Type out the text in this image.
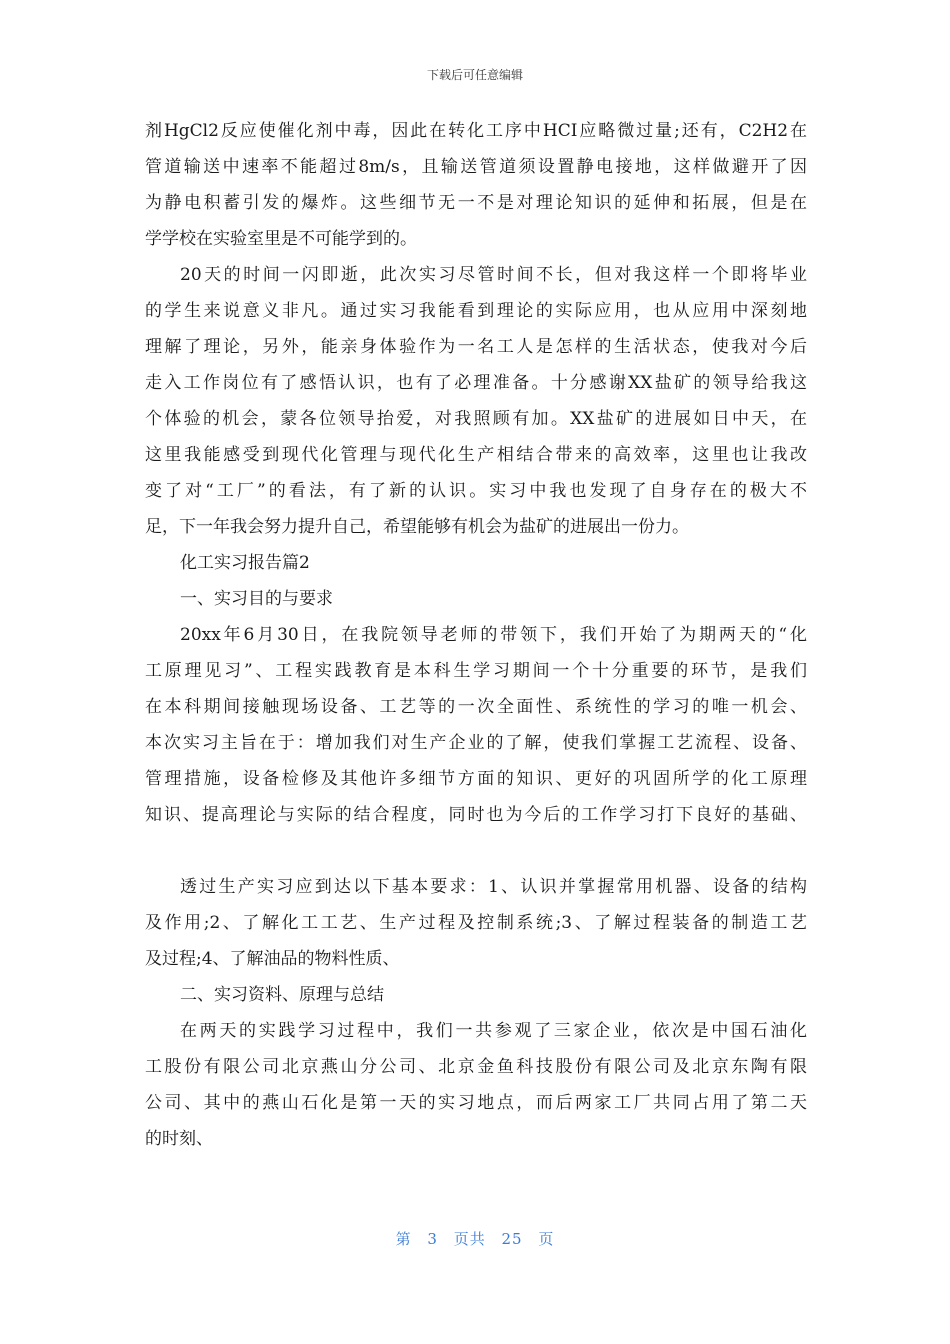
下载后可任意编辑
剂HgCl2反应使催化剂中毒，因此在转化工序中HCI应略微过量;还有，C2H2在
管道输送中速率不能超过8m/s，且输送管道须设置静电接地，这样做避开了因
为静电积蓄引发的爆炸。这些细节无一不是对理论知识的延伸和拓展，但是在
学学校在实验室里是不可能学到的。
20天的时间一闪即逝，此次实习尽管时间不长，但对我这样一个即将毕业
的学生来说意义非凡。通过实习我能看到理论的实际应用，也从应用中深刻地
理解了理论，另外，能亲身体验作为一名工人是怎样的生活状态，使我对今后
走入工作岗位有了感悟认识，也有了必理准备。十分感谢XX盐矿的领导给我这
个体验的机会，蒙各位领导抬爱，对我照顾有加。XX盐矿的进展如日中天，在
这里我能感受到现代化管理与现代化生产相结合带来的高效率，这里也让我改
变了对“工厂”的看法，有了新的认识。实习中我也发现了自身存在的极大不
足，下一年我会努力提升自己，希望能够有机会为盐矿的进展出一份力。
化工实习报告篇2
一、实习目的与要求
20xx年6月30日，在我院领导老师的带领下，我们开始了为期两天的“化
工原理见习”、工程实践教育是本科生学习期间一个十分重要的环节，是我们
在本科期间接触现场设备、工艺等的一次全面性、系统性的学习的唯一机会、
本次实习主旨在于：增加我们对生产企业的了解，使我们掌握工艺流程、设备、
管理措施，设备检修及其他许多细节方面的知识、更好的巩固所学的化工原理
知识、提高理论与实际的结合程度，同时也为今后的工作学习打下良好的基础、
透过生产实习应到达以下基本要求：1、认识并掌握常用机器、设备的结构
及作用;2、了解化工工艺、生产过程及控制系统;3、了解过程装备的制造工艺
及过程;4、了解油品的物料性质、
二、实习资料、原理与总结
在两天的实践学习过程中，我们一共参观了三家企业，依次是中国石油化
工股份有限公司北京燕山分公司、北京金鱼科技股份有限公司及北京东陶有限
公司、其中的燕山石化是第一天的实习地点，而后两家工厂共同占用了第二天
的时刻、
第 3 页共 25 页
